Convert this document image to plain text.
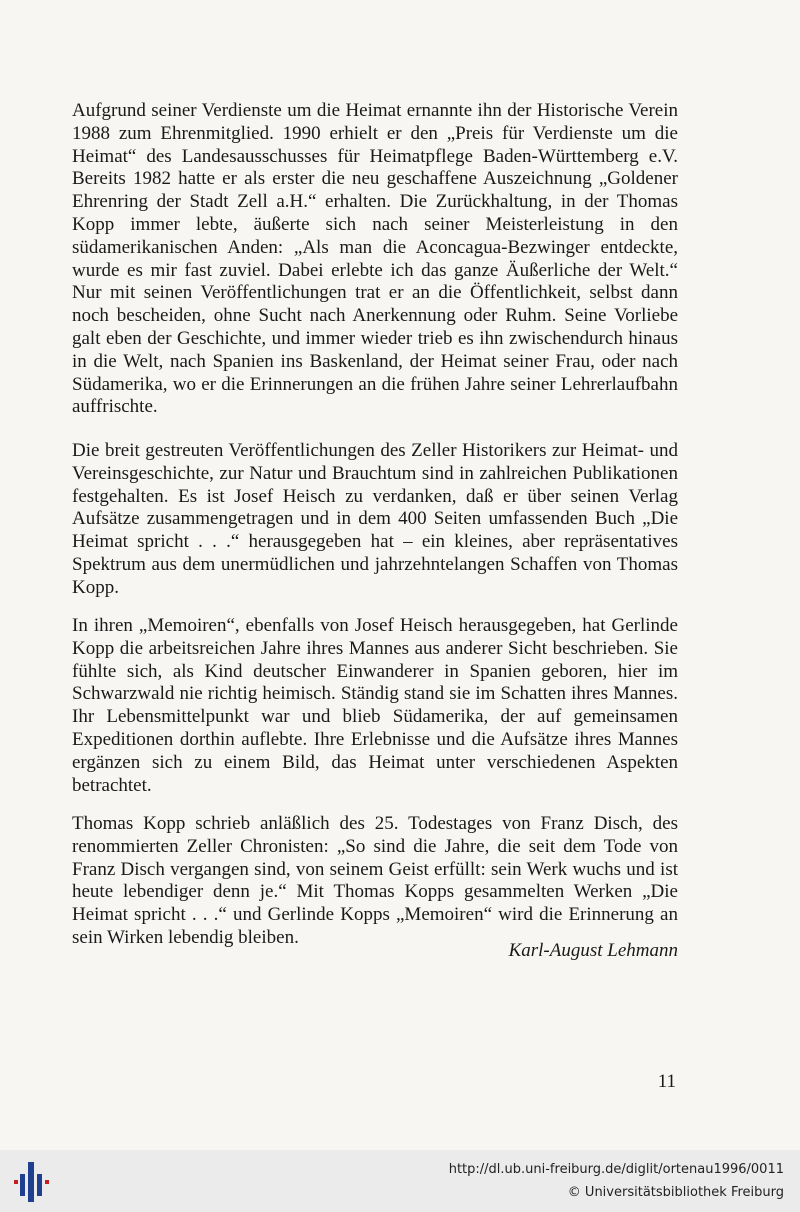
Aufgrund seiner Verdienste um die Heimat ernannte ihn der Historische Verein 1988 zum Ehrenmitglied. 1990 erhielt er den „Preis für Verdienste um die Heimat“ des Landesausschusses für Heimatpflege Baden-Württemberg e.V. Bereits 1982 hatte er als erster die neu geschaffene Auszeichnung „Goldener Ehrenring der Stadt Zell a.H.“ erhalten. Die Zurückhaltung, in der Thomas Kopp immer lebte, äußerte sich nach seiner Meisterleistung in den südamerikanischen Anden: „Als man die Aconcagua-Bezwinger entdeckte, wurde es mir fast zuviel. Dabei erlebte ich das ganze Äußerliche der Welt.“ Nur mit seinen Veröffentlichungen trat er an die Öffentlichkeit, selbst dann noch bescheiden, ohne Sucht nach Anerkennung oder Ruhm. Seine Vorliebe galt eben der Geschichte, und immer wieder trieb es ihn zwischendurch hinaus in die Welt, nach Spanien ins Baskenland, der Heimat seiner Frau, oder nach Südamerika, wo er die Erinnerungen an die frühen Jahre seiner Lehrerlaufbahn auffrischte.

Die breit gestreuten Veröffentlichungen des Zeller Historikers zur Heimat- und Vereinsgeschichte, zur Natur und Brauchtum sind in zahlreichen Publikationen festgehalten. Es ist Josef Heisch zu verdanken, daß er über seinen Verlag Aufsätze zusammengetragen und in dem 400 Seiten umfassenden Buch „Die Heimat spricht . . .“ herausgegeben hat – ein kleines, aber repräsentatives Spektrum aus dem unermüdlichen und jahrzehntelangen Schaffen von Thomas Kopp.

In ihren „Memoiren“, ebenfalls von Josef Heisch herausgegeben, hat Gerlinde Kopp die arbeitsreichen Jahre ihres Mannes aus anderer Sicht beschrieben. Sie fühlte sich, als Kind deutscher Einwanderer in Spanien geboren, hier im Schwarzwald nie richtig heimisch. Ständig stand sie im Schatten ihres Mannes. Ihr Lebensmittelpunkt war und blieb Südamerika, der auf gemeinsamen Expeditionen dorthin auflebte. Ihre Erlebnisse und die Aufsätze ihres Mannes ergänzen sich zu einem Bild, das Heimat unter verschiedenen Aspekten betrachtet.

Thomas Kopp schrieb anläßlich des 25. Todestages von Franz Disch, des renommierten Zeller Chronisten: „So sind die Jahre, die seit dem Tode von Franz Disch vergangen sind, von seinem Geist erfüllt: sein Werk wuchs und ist heute lebendiger denn je.“ Mit Thomas Kopps gesammelten Werken „Die Heimat spricht . . .“ und Gerlinde Kopps „Memoiren“ wird die Erinnerung an sein Wirken lebendig bleiben.

Karl-August Lehmann
11
http://dl.ub.uni-freiburg.de/diglit/ortenau1996/0011
© Universitätsbibliothek Freiburg
